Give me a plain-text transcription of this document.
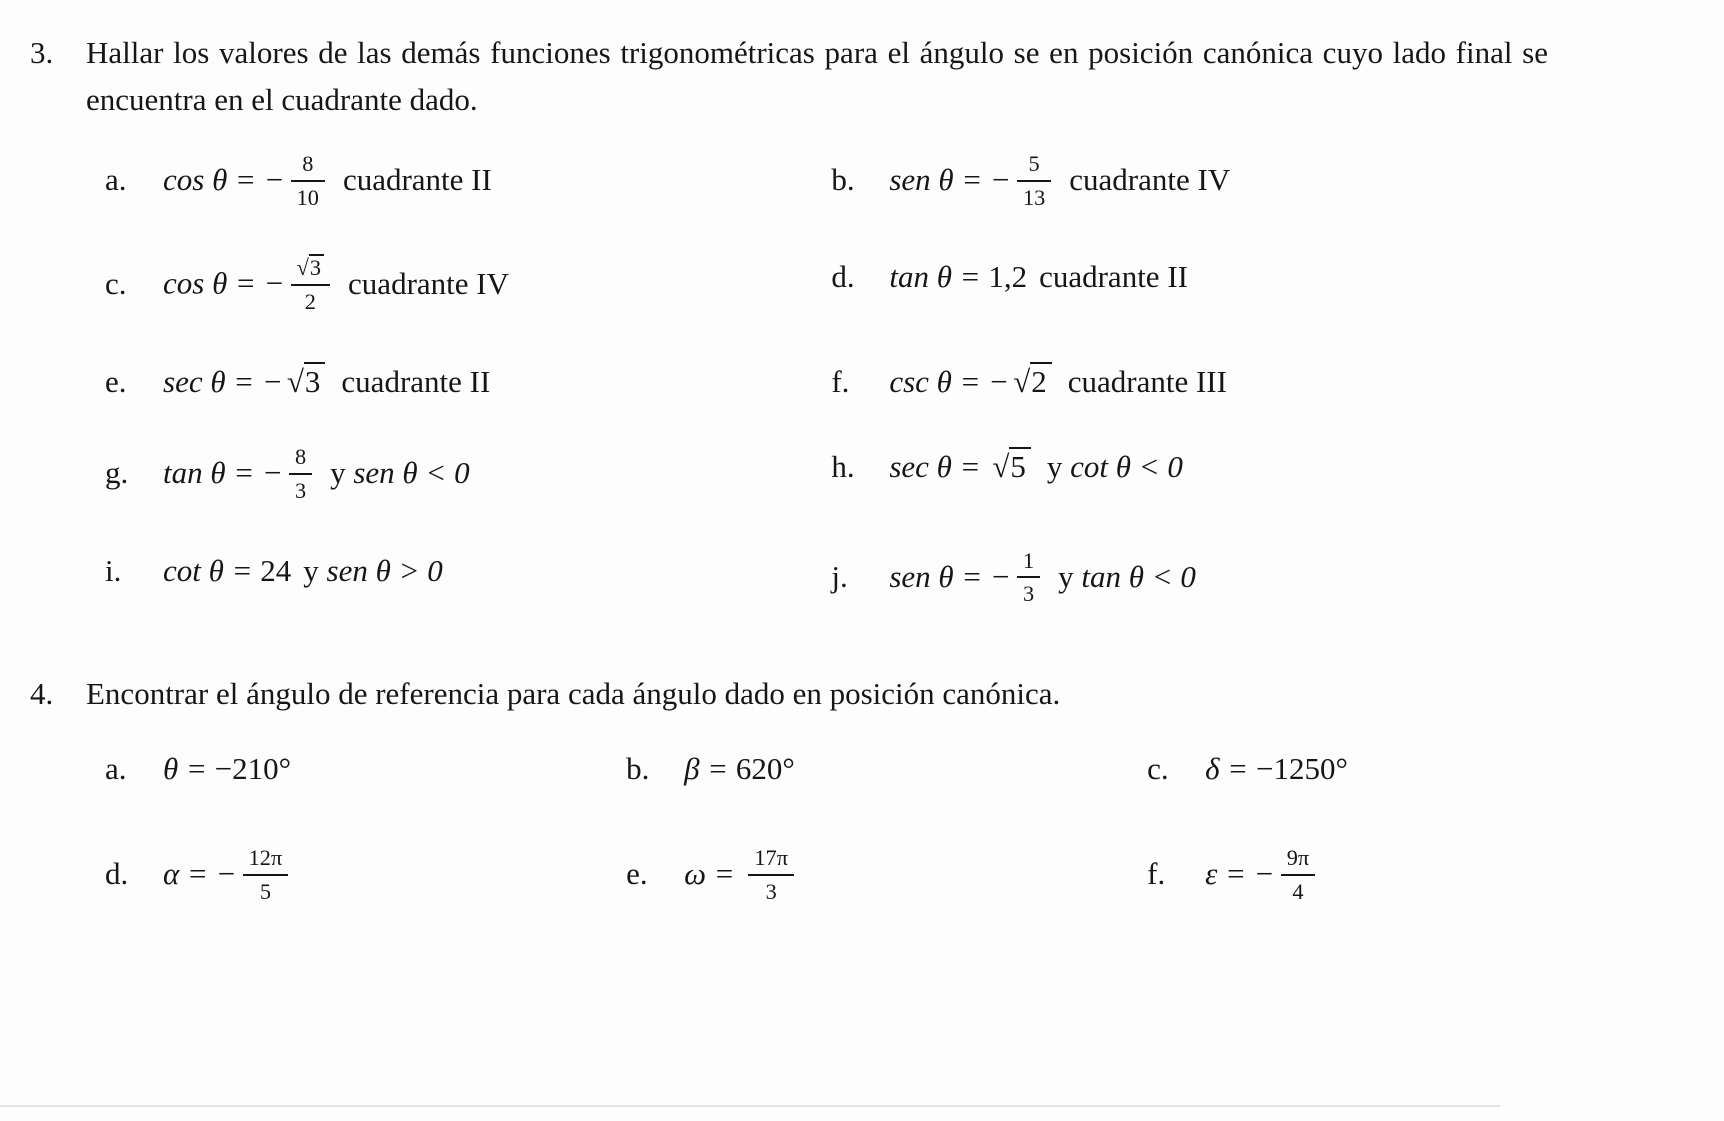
3.	Hallar los valores de las demás funciones trigonométricas para el ángulo se en posición canónica cuyo lado final se encuentra en el cuadrante dado.

a.	cos θ = − $\frac{8}{10}$ cuadrante II	b.	sen θ = − $\frac{5}{13}$ cuadrante IV
c.	cos θ = − $\frac{√3}{2}$ cuadrante IV	d.	tan θ = 1,2 cuadrante II
e.	sec θ = − √3 cuadrante II	f.	csc θ = − √2 cuadrante III
g.	tan θ = − $\frac{8}{3}$ y sen θ < 0	h.	sec θ = √5 y cot θ < 0
i.	cot θ = 24 y sen θ > 0	j.	sen θ = − $\frac{1}{3}$ y tan θ < 0
4.	Encontrar el ángulo de referencia para cada ángulo dado en posición canónica.

a.	θ = −210°	b.	β = 620°	c.	δ = −1250°
d.	α = − $\frac{12\pi}{5}$	e.	$\omega = \frac{17\pi}{3}$	f.	ε = − $\frac{9\pi}{4}$
